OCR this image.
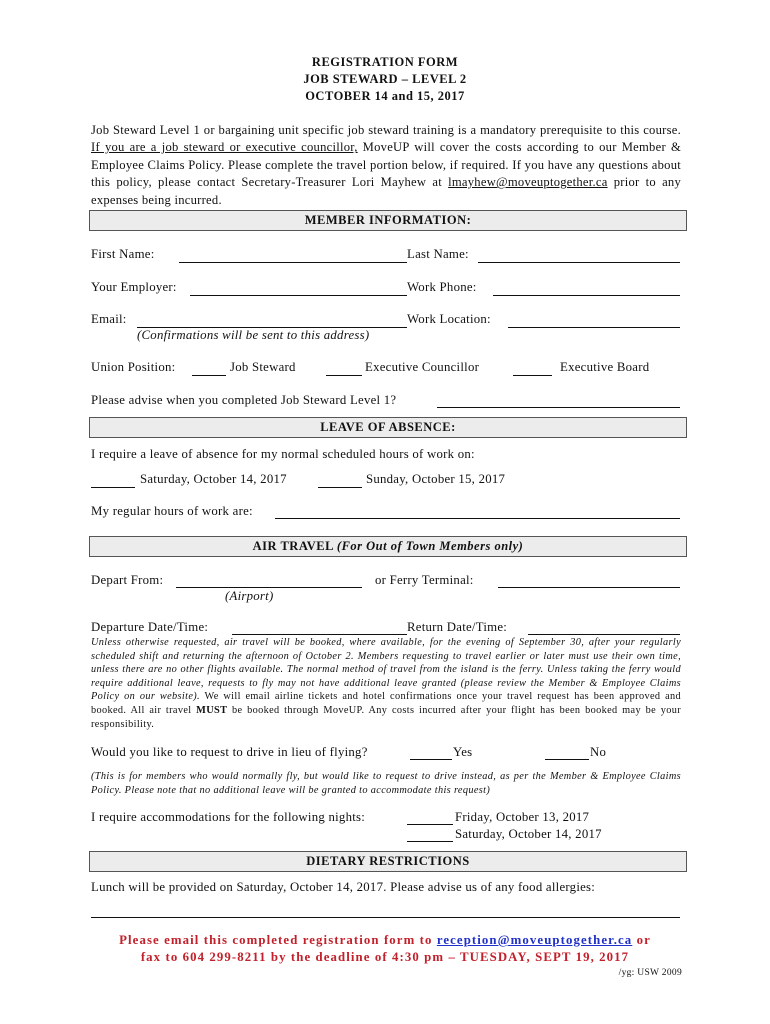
REGISTRATION FORM
JOB STEWARD – LEVEL 2
OCTOBER 14 and 15, 2017
Job Steward Level 1 or bargaining unit specific job steward training is a mandatory prerequisite to this course. If you are a job steward or executive councillor, MoveUP will cover the costs according to our Member & Employee Claims Policy. Please complete the travel portion below, if required. If you have any questions about this policy, please contact Secretary-Treasurer Lori Mayhew at lmayhew@moveuptogether.ca prior to any expenses being incurred.
MEMBER INFORMATION:
First Name:	Last Name:
Your Employer:	Work Phone:
Email:	Work Location:
(Confirmations will be sent to this address)
Union Position:	Job Steward	Executive Councillor	Executive Board
Please advise when you completed Job Steward Level 1?
LEAVE OF ABSENCE:
I require a leave of absence for my normal scheduled hours of work on:
Saturday, October 14, 2017	Sunday, October 15, 2017
My regular hours of work are:
AIR TRAVEL (For Out of Town Members only)
Depart From:	or Ferry Terminal:
(Airport)
Departure Date/Time:	Return Date/Time:
Unless otherwise requested, air travel will be booked, where available, for the evening of September 30, after your regularly scheduled shift and returning the afternoon of October 2. Members requesting to travel earlier or later must use their own time, unless there are no other flights available. The normal method of travel from the island is the ferry. Unless taking the ferry would require additional leave, requests to fly may not have additional leave granted (please review the Member & Employee Claims Policy on our website). We will email airline tickets and hotel confirmations once your travel request has been approved and booked. All air travel MUST be booked through MoveUP. Any costs incurred after your flight has been booked may be your responsibility.
Would you like to request to drive in lieu of flying?	Yes	No
(This is for members who would normally fly, but would like to request to drive instead, as per the Member & Employee Claims Policy. Please note that no additional leave will be granted to accommodate this request)
I require accommodations for the following nights:	Friday, October 13, 2017
Saturday, October 14, 2017
DIETARY RESTRICTIONS
Lunch will be provided on Saturday, October 14, 2017. Please advise us of any food allergies:
Please email this completed registration form to reception@moveuptogether.ca or
fax to 604 299-8211 by the deadline of 4:30 pm – TUESDAY, SEPT 19, 2017
/yg: USW 2009
